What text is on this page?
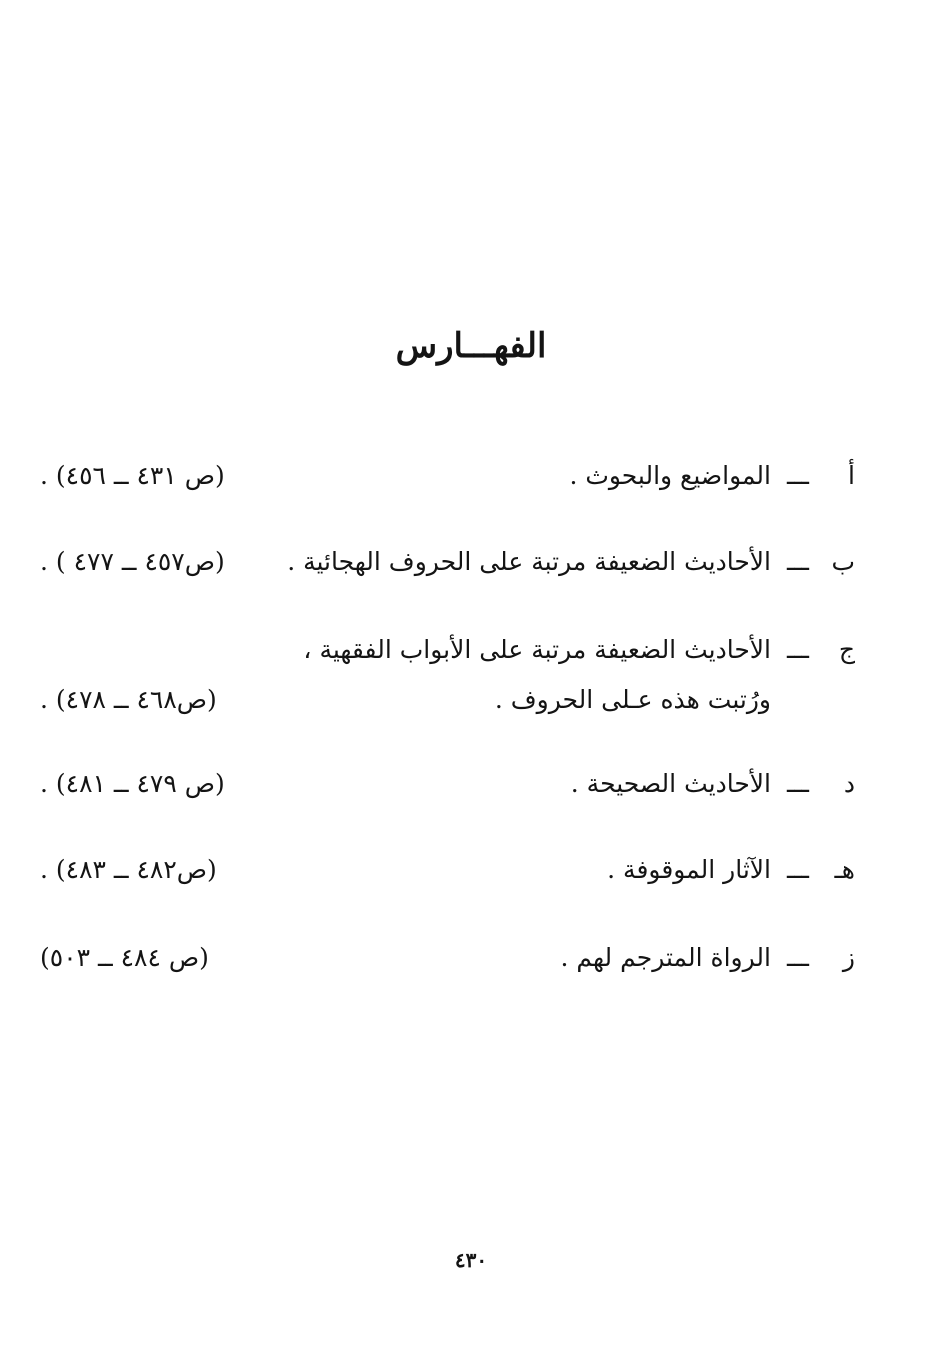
الفهـــارس
أ
ـــ
المواضيع والبحوث .
(ص ٤٣١ ــ ٤٥٦) .
ب
ـــ
الأحاديث الضعيفة مرتبة على الحروف الهجائية .
(ص٤٥٧ ــ ٤٧٧ ) .
ج
ـــ
الأحاديث الضعيفة مرتبة على الأبواب الفقهية ،
ورُتبت هذه عـلى الحروف .
(ص٤٦٨ ــ ٤٧٨) .
د
ـــ
الأحاديث الصحيحة .
(ص ٤٧٩ ــ ٤٨١) .
هـ
ـــ
الآثار الموقوفة .
(ص٤٨٢ ــ ٤٨٣) .
ز
ـــ
الرواة المترجم لهم .
(ص ٤٨٤ ــ ٥٠٣)
٤٣٠
